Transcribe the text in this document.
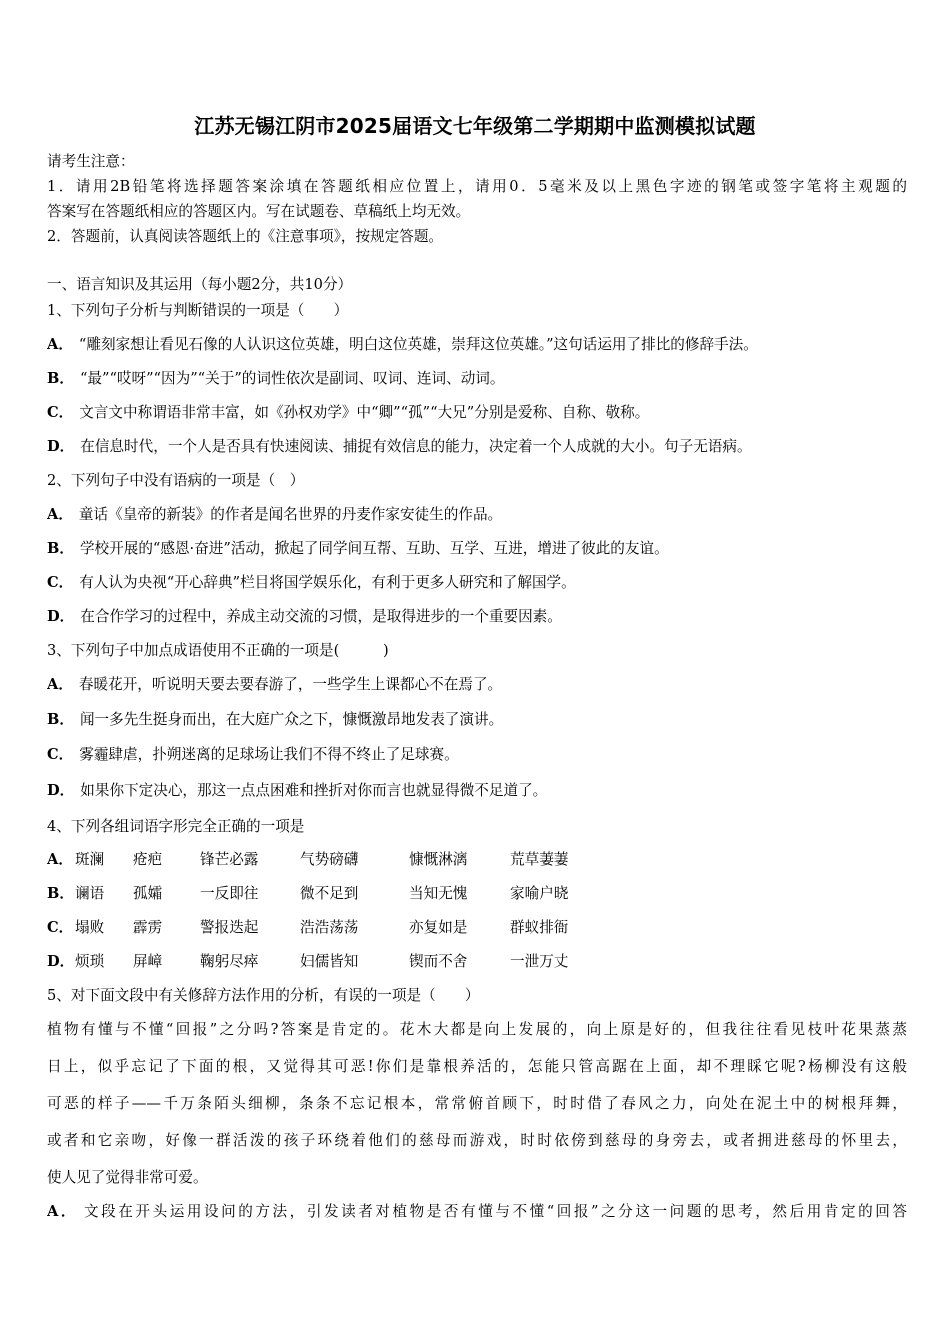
江苏无锡江阴市2025届语文七年级第二学期期中监测模拟试题
请考生注意：
1．请用2B铅笔将选择题答案涂填在答题纸相应位置上，请用0．5毫米及以上黑色字迹的钢笔或签字笔将主观题的
答案写在答题纸相应的答题区内。写在试题卷、草稿纸上均无效。
2．答题前，认真阅读答题纸上的《注意事项》，按规定答题。
一、语言知识及其运用（每小题2分，共10分）
1、下列句子分析与判断错误的一项是（　　）
A． “雕刻家想让看见石像的人认识这位英雄，明白这位英雄，崇拜这位英雄。”这句话运用了排比的修辞手法。
B． “最”“哎呀”“因为”“关于”的词性依次是副词、叹词、连词、动词。
C． 文言文中称谓语非常丰富，如《孙权劝学》中“卿”“孤”“大兄”分别是爱称、自称、敬称。
D． 在信息时代，一个人是否具有快速阅读、捕捉有效信息的能力，决定着一个人成就的大小。句子无语病。
2、下列句子中没有语病的一项是（　）
A． 童话《皇帝的新装》的作者是闻名世界的丹麦作家安徒生的作品。
B． 学校开展的“感恩·奋进”活动，掀起了同学间互帮、互助、互学、互进，增进了彼此的友谊。
C． 有人认为央视“开心辞典”栏目将国学娱乐化，有利于更多人研究和了解国学。
D． 在合作学习的过程中，养成主动交流的习惯，是取得进步的一个重要因素。
3、下列句子中加点成语使用不正确的一项是(　　　)
A． 春暖花开，听说明天要去要春游了，一些学生上课都心不在焉了。
B． 闻一多先生挺身而出，在大庭广众之下，慷慨激昂地发表了演讲。
C． 雾霾肆虐，扑朔迷离的足球场让我们不得不终止了足球赛。
D． 如果你下定决心，那这一点点困难和挫折对你而言也就显得微不足道了。
4、下列各组词语字形完全正确的一项是
A． 斑澜 疮疤	锋芒必露	气势磅礴	慷慨淋漓	荒草萋萋
B． 谰语 孤孀	一反即往	微不足到	当知无愧	家喻户晓
C． 塌败 霹雳	警报迭起	浩浩荡荡	亦复如是	群蚁排衙
D． 烦琐 屏嶂	鞠躬尽瘁	妇儒皆知	锲而不舍	一泄万丈
5、对下面文段中有关修辞方法作用的分析，有误的一项是（　　）
植物有懂与不懂“回报”之分吗?答案是肯定的。花木大都是向上发展的，向上原是好的，但我往往看见枝叶花果蒸蒸
日上，似乎忘记了下面的根，又觉得其可恶!你们是靠根养活的，怎能只管高踞在上面，却不理睬它呢?杨柳没有这般
可恶的样子——千万条陌头细柳，条条不忘记根本，常常俯首顾下，时时借了春风之力，向处在泥土中的树根拜舞，
或者和它亲吻，好像一群活泼的孩子环绕着他们的慈母而游戏，时时依傍到慈母的身旁去，或者拥进慈母的怀里去，
使人见了觉得非常可爱。
A． 文段在开头运用设问的方法，引发读者对植物是否有懂与不懂“回报”之分这一问题的思考，然后用肯定的回答
